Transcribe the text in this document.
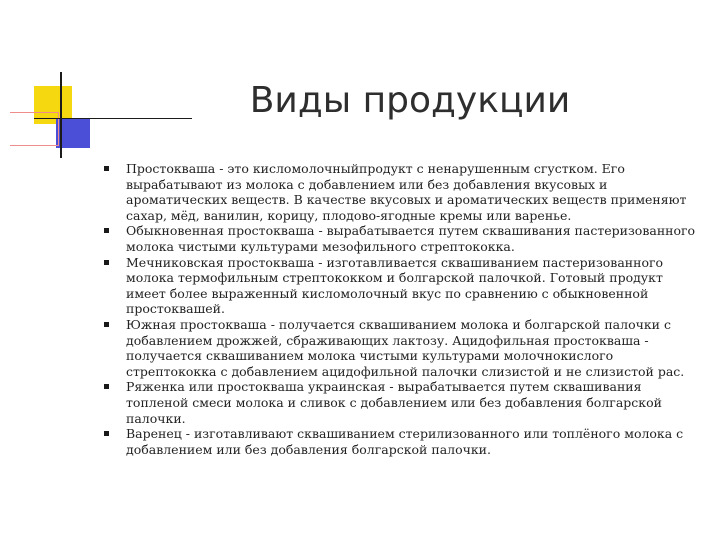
Виды продукции
Простокваша - это кисломолочныйпродукт с ненарушенным сгустком. Его вырабатывают из молока с добавлением или без добавления вкусовых и ароматических веществ. В качестве вкусовых и ароматических веществ применяют сахар, мёд, ванилин, корицу, плодово-ягодные кремы или варенье.
Обыкновенная простокваша - вырабатывается путем сквашивания пастеризованного молока чистыми культурами мезофильного стрептококка.
Мечниковская простокваша - изготавливается сквашиванием пастеризованного молока термофильным стрептококком и болгарской палочкой. Готовый продукт имеет более выраженный кисломолочный вкус по сравнению с обыкновенной простоквашей.
Южная простокваша - получается сквашиванием молока и болгарской палочки с добавлением дрожжей, сбраживающих лактозу. Ацидофильная простокваша - получается сквашиванием молока чистыми культурами молочнокислого стрептококка с добавлением ацидофильной палочки слизистой и не слизистой рас.
Ряженка или простокваша украинская - вырабатывается путем сквашивания топленой смеси молока и сливок с добавлением или без добавления болгарской палочки.
Варенец - изготавливают сквашиванием стерилизованного или топлёного молока с добавлением или без добавления болгарской палочки.
